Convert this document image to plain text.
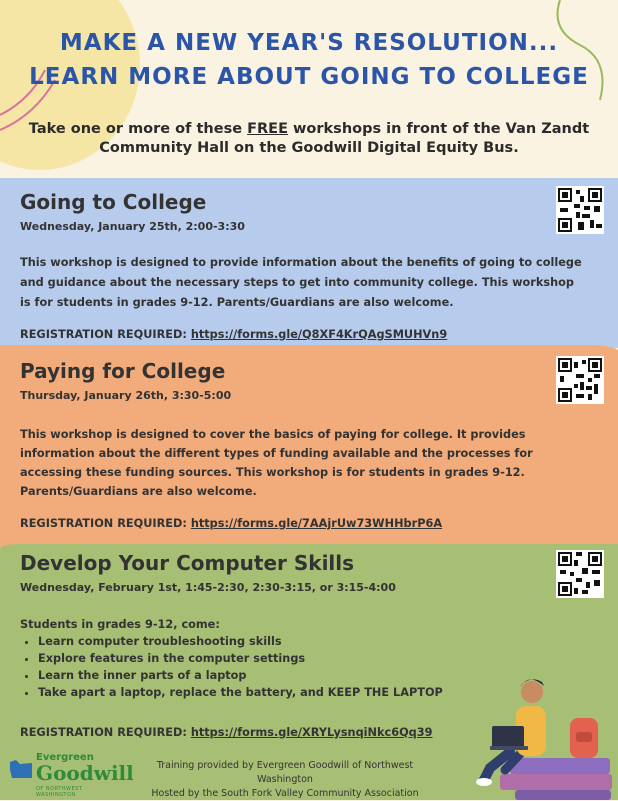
MAKE A NEW YEAR'S RESOLUTION...
LEARN MORE ABOUT GOING TO COLLEGE
Take one or more of these FREE workshops in front of the Van Zandt Community Hall on the Goodwill Digital Equity Bus.
Going to College
Wednesday, January 25th, 2:00-3:30
This workshop is designed to provide information about the benefits of going to college and guidance about the necessary steps to get into community college. This workshop is for students in grades 9-12. Parents/Guardians are also welcome.
REGISTRATION REQUIRED: https://forms.gle/Q8XF4KrQAgSMUHVn9
Paying for College
Thursday, January 26th, 3:30-5:00
This workshop is designed to cover the basics of paying for college. It provides information about the different types of funding available and the processes for accessing these funding sources. This workshop is for students in grades 9-12. Parents/Guardians are also welcome.
REGISTRATION REQUIRED: https://forms.gle/7AAjrUw73WHHbrP6A
Develop Your Computer Skills
Wednesday, February 1st, 1:45-2:30, 2:30-3:15, or 3:15-4:00
Students in grades 9-12, come:
• Learn computer troubleshooting skills
• Explore features in the computer settings
• Learn the inner parts of a laptop
• Take apart a laptop, replace the battery, and KEEP THE LAPTOP
REGISTRATION REQUIRED: https://forms.gle/XRYLysnqiNkc6Qq39
Evergreen
Goodwill
OF NORTHWEST WASHINGTON
Training provided by Evergreen Goodwill of Northwest Washington
Hosted by the South Fork Valley Community Association
